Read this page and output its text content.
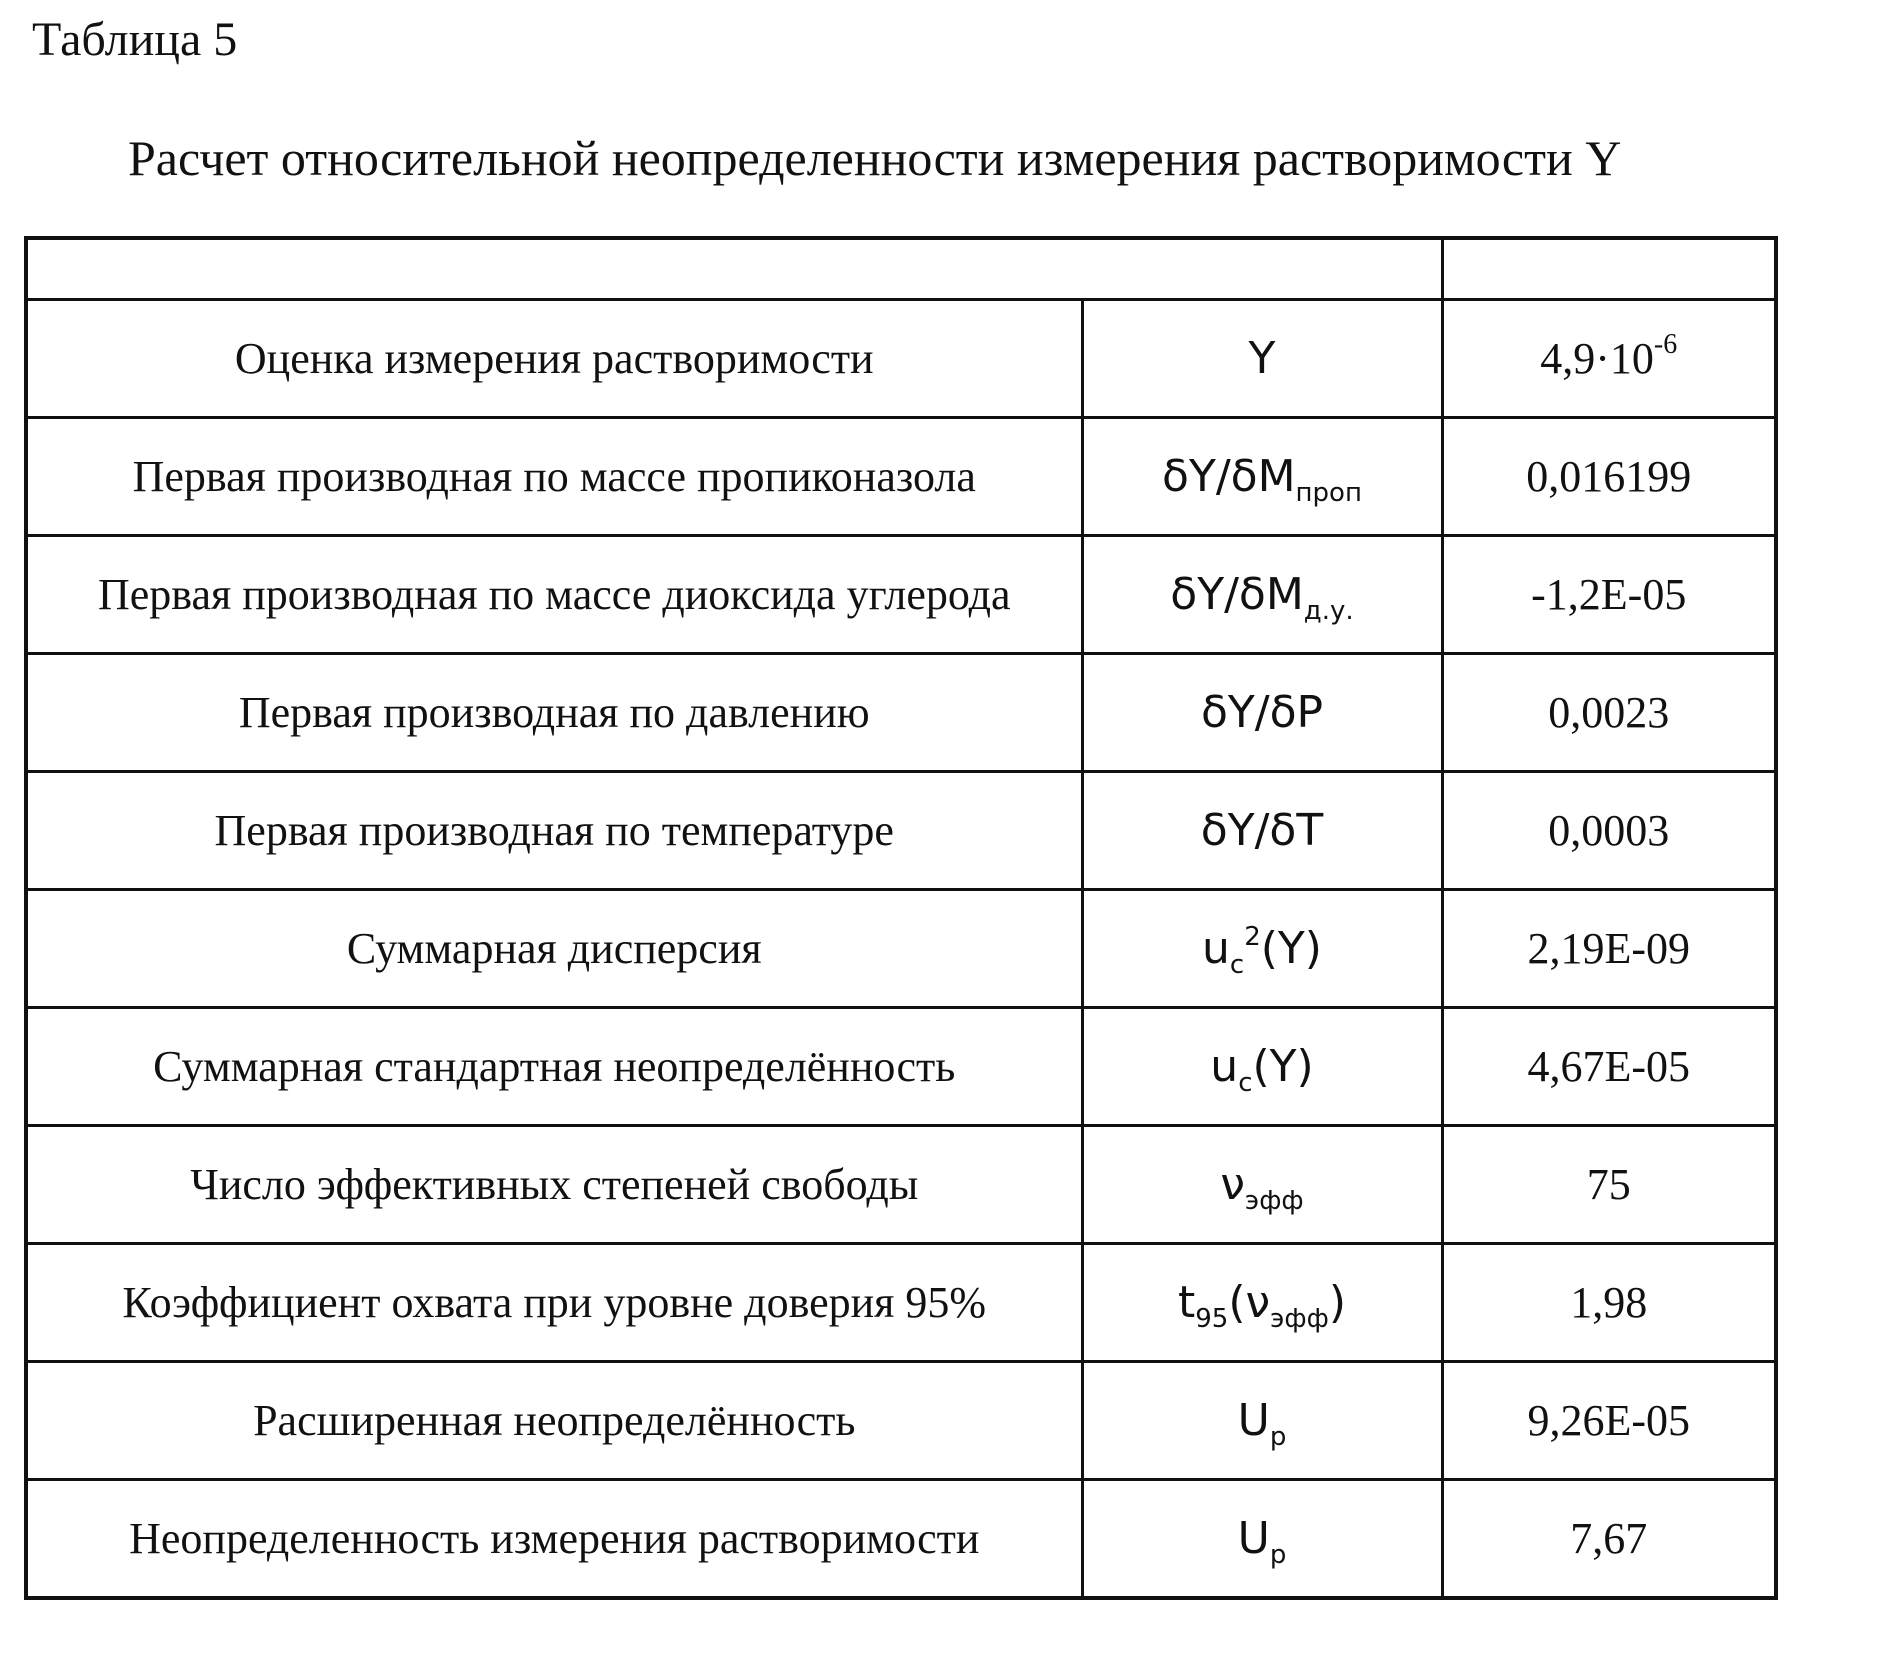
Таблица 5
Расчет относительной неопределенности измерения растворимости Y

Оценка измерения растворимости	Y	$4,9\cdot 10^{-6}$
Первая производная по массе пропиконазола	$\delta Y/\delta M_{проп}$	0,016199
Первая производная по массе диоксида углерода	$\delta Y/\delta M_{д.у.}$	-1,2E-05
Первая производная по давлению	δY/δP	0,0023
Первая производная по температуре	δY/δT	0,0003
Суммарная дисперсия	$u_c^2(Y)$	2,19E-09
Суммарная стандартная неопределённость	$u_c(Y)$	4,67E-05
Число эффективных степеней свободы	$\nu_{эфф}$	75
Коэффициент охвата при уровне доверия 95%	$t_{95}(\nu_{эфф})$	1,98
Расширенная неопределённость	$U_p$	9,26E-05
Неопределенность измерения растворимости	$U_p$	7,67
